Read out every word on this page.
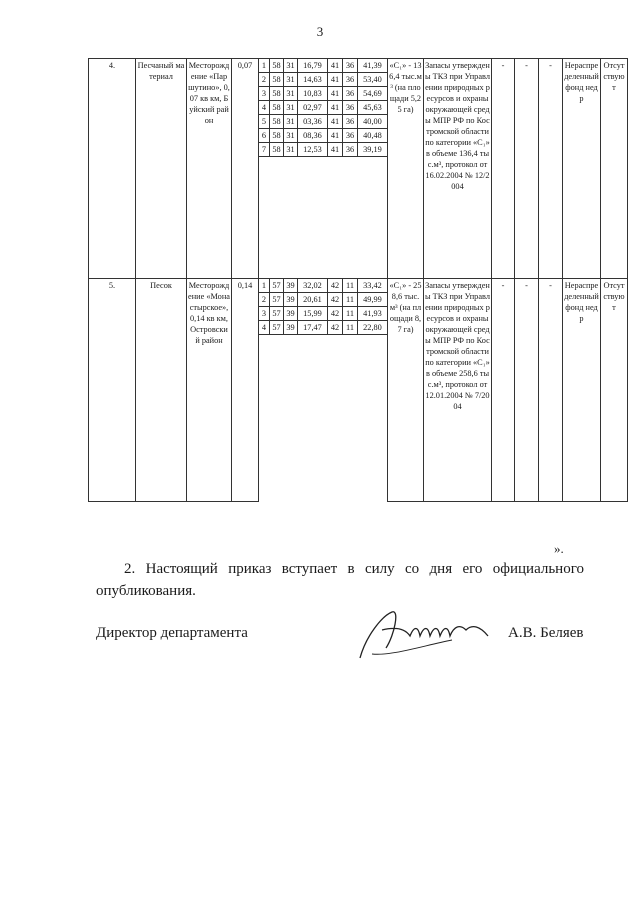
3
4.	Песчаный материал	Месторождение «Паршутино», 0,07 кв км, Буйский район	0,07	1	58	31	16,79	41	36	41,39	«C₁» - 136,4 тыс.м³ (на площади 5,25 га)	Запасы утверждены ТКЗ при Управлении природных ресурсов и охраны окружающей среды МПР РФ по Костромской области по категории «C₁» в объеме 136,4 тыс.м³, протокол от 16.02.2004 № 12/2004	-	-	-	Нераспределенный фонд недр	Отсутствуют
				2	58	31	14,63	41	36	53,40							
				3	58	31	10,83	41	36	54,69							
				4	58	31	02,97	41	36	45,63							
				5	58	31	03,36	41	36	40,00							
				6	58	31	08,36	41	36	40,48							
				7	58	31	12,53	41	36	39,19							

5.	Песок	Месторождение «Монастырское», 0,14 кв км, Островский район	0,14	1	57	39	32,02	42	11	33,42	«C₁» - 258,6 тыс. м³ (на площади 8,7 га)	Запасы утверждены ТКЗ при Управлении природных ресурсов и охраны окружающей среды МПР РФ по Костромской области по категории «C₁» в объеме 258,6 тыс.м³, протокол от 12.01.2004 № 7/2004	-	-	-	Нераспределенный фонд недр	Отсутствуют
				2	57	39	20,61	42	11	49,99							
				3	57	39	15,99	42	11	41,93							
				4	57	39	17,47	42	11	22,80							

».
2. Настоящий приказ вступает в силу со дня его официального опубликования.
Директор департамента	А.В. Беляев
